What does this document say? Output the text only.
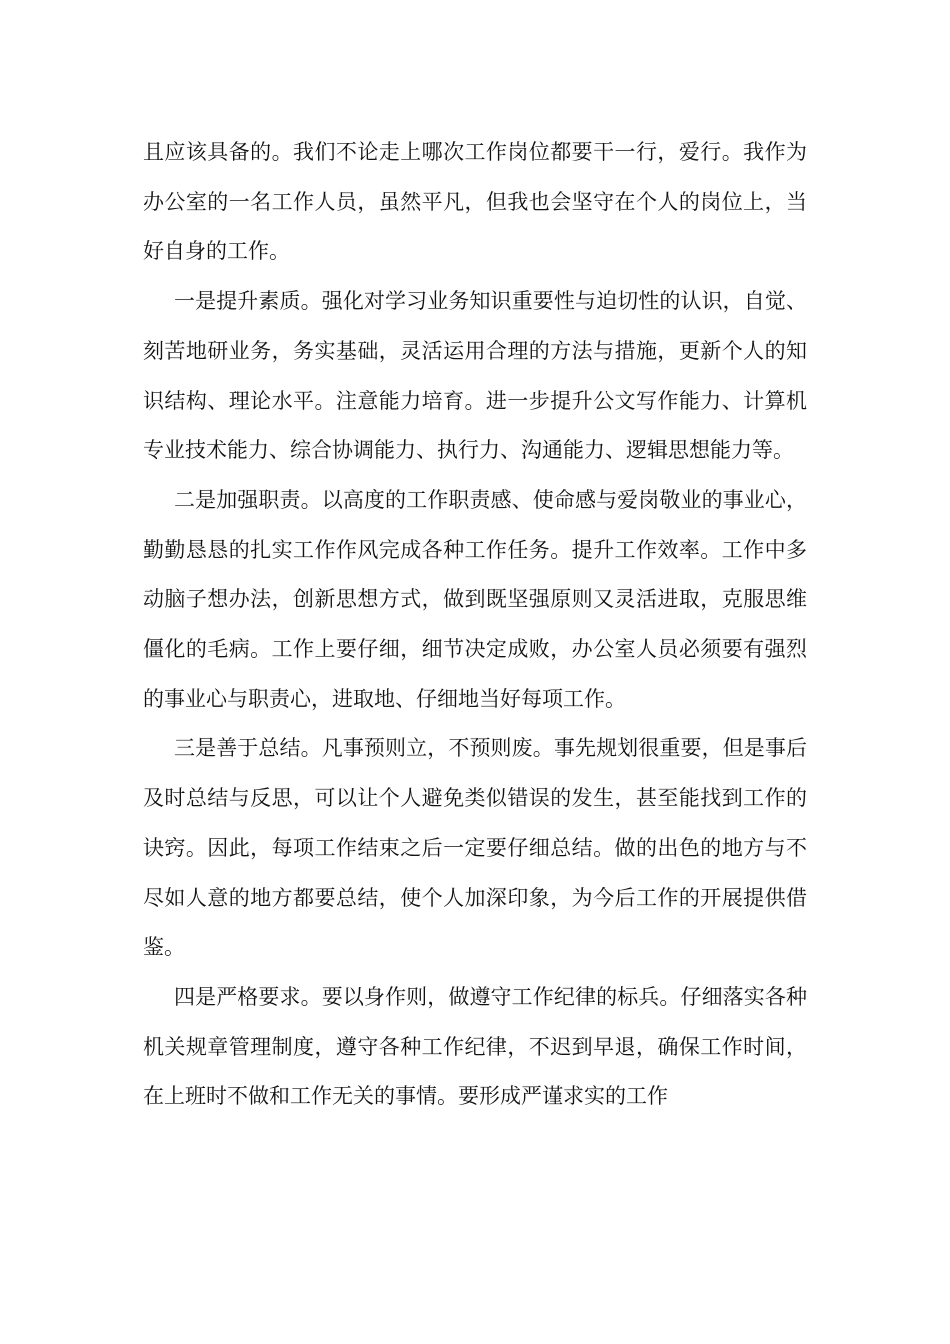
且应该具备的。我们不论走上哪次工作岗位都要干一行，爱行。我作为办公室的一名工作人员，虽然平凡，但我也会坚守在个人的岗位上，当好自身的工作。

一是提升素质。强化对学习业务知识重要性与迫切性的认识，自觉、刻苦地研业务，务实基础，灵活运用合理的方法与措施，更新个人的知识结构、理论水平。注意能力培育。进一步提升公文写作能力、计算机专业技术能力、综合协调能力、执行力、沟通能力、逻辑思想能力等。

二是加强职责。以高度的工作职责感、使命感与爱岗敬业的事业心，勤勤恳恳的扎实工作作风完成各种工作任务。提升工作效率。工作中多动脑子想办法，创新思想方式，做到既坚强原则又灵活进取，克服思维僵化的毛病。工作上要仔细，细节决定成败，办公室人员必须要有强烈的事业心与职责心，进取地、仔细地当好每项工作。

三是善于总结。凡事预则立，不预则废。事先规划很重要，但是事后及时总结与反思，可以让个人避免类似错误的发生，甚至能找到工作的诀窍。因此，每项工作结束之后一定要仔细总结。做的出色的地方与不尽如人意的地方都要总结，使个人加深印象，为今后工作的开展提供借鉴。

四是严格要求。要以身作则，做遵守工作纪律的标兵。仔细落实各种机关规章管理制度，遵守各种工作纪律，不迟到早退，确保工作时间，在上班时不做和工作无关的事情。要形成严谨求实的工作
